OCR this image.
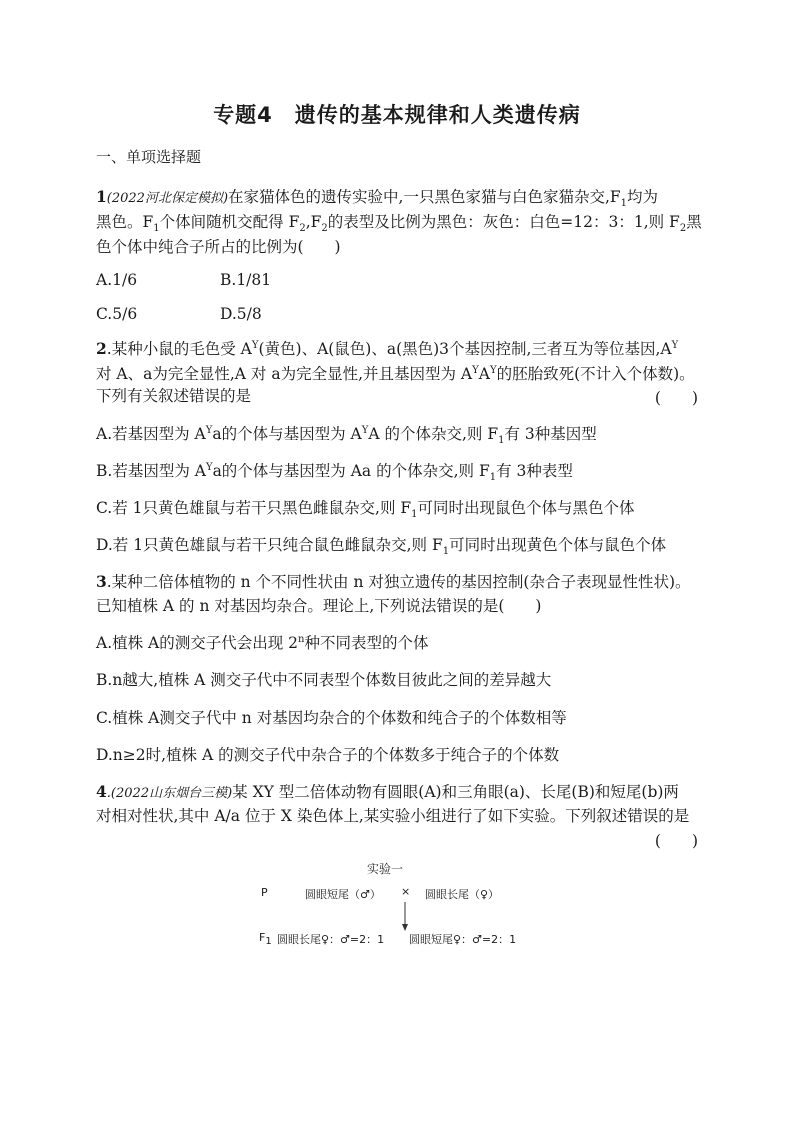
专题4　遗传的基本规律和人类遗传病
一、单项选择题
1(2022河北保定模拟)在家猫体色的遗传实验中,一只黑色家猫与白色家猫杂交$,F_1$均为
黑色。$F_1$个体间随机交配得 $F_2,F_2$的表型及比例为黑色：灰色：白色=12：3：1,则 $F_2$黑
色个体中纯合子所占的比例为(　　)
A.1/6	B.1/81
C.5/6	D.5/8
2.某种小鼠的毛色受 $A^Y$(黄色)、A(鼠色)、a(黑色)3个基因控制,三者互为等位基因$,A^Y$
对 A、a为完全显性,A 对 a为完全显性,并且基因型为 $A^YA^Y$的胚胎致死(不计入个体数)。
下列有关叙述错误的是	(　　)
A.若基因型为 $A^Ya$的个体与基因型为 $A^YA$ 的个体杂交,则 $F_1$有 3种基因型
B.若基因型为 $A^Ya$的个体与基因型为 Aa 的个体杂交,则 $F_1$有 3种表型
C.若 1只黄色雄鼠与若干只黑色雌鼠杂交,则 $F_1$可同时出现鼠色个体与黑色个体
D.若 1只黄色雄鼠与若干只纯合鼠色雌鼠杂交,则 $F_1$可同时出现黄色个体与鼠色个体
3.某种二倍体植物的 n 个不同性状由 n 对独立遗传的基因控制(杂合子表现显性性状)。
已知植株 A 的 n 对基因均杂合。理论上,下列说法错误的是(　　)
A.植株 A的测交子代会出现 2$^n$种不同表型的个体
B.n越大,植株 A 测交子代中不同表型个体数目彼此之间的差异越大
C.植株 A测交子代中 n 对基因均杂合的个体数和纯合子的个体数相等
D.n≥2时,植株 A 的测交子代中杂合子的个体数多于纯合子的个体数
4.(2022山东烟台三模)某 XY 型二倍体动物有圆眼(A)和三角眼(a)、长尾(B)和短尾(b)两
对相对性状,其中 A/a 位于 X 染色体上,某实验小组进行了如下实验。下列叙述错误的是
(　　)
实验一
P	圆眼短尾（♂） × 圆眼长尾（♀）
$F_1$ 圆眼长尾♀：♂=2：1 圆眼短尾♀：♂=2：1
